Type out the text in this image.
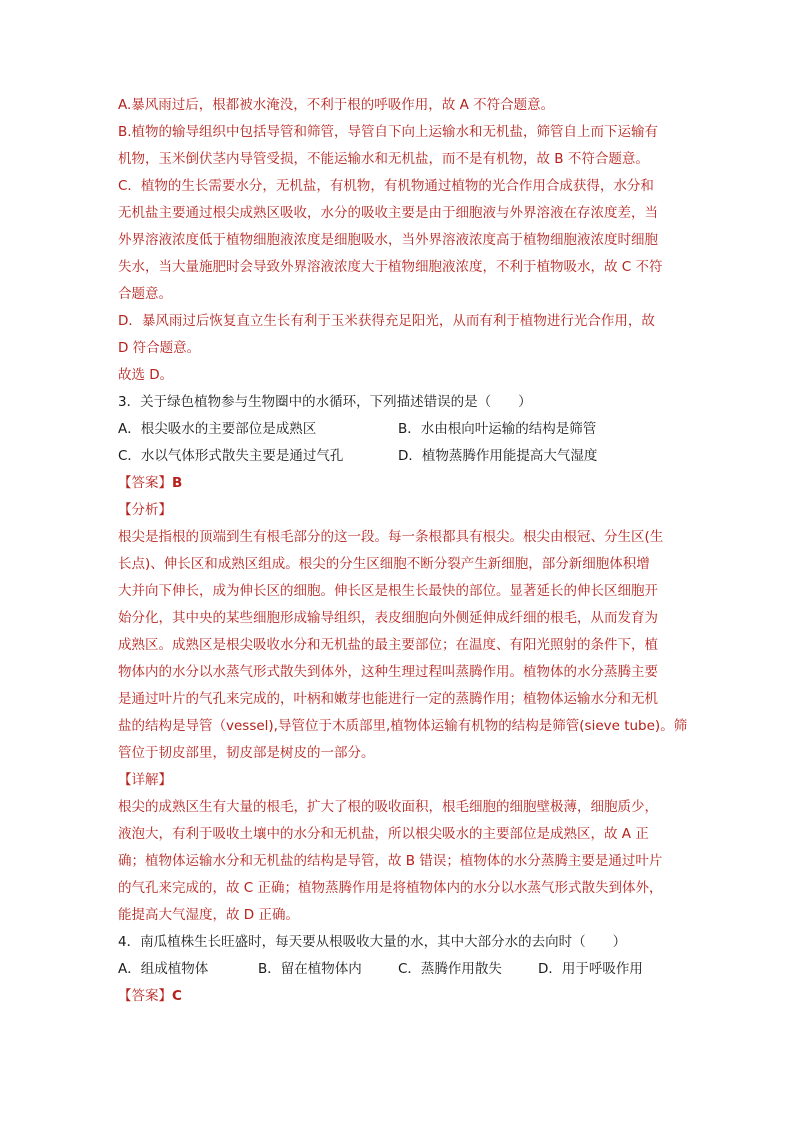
A.暴风雨过后，根都被水淹没，不利于根的呼吸作用，故 A 不符合题意。
B.植物的输导组织中包括导管和筛管，导管自下向上运输水和无机盐，筛管自上而下运输有
机物，玉米倒伏茎内导管受损，不能运输水和无机盐，而不是有机物，故 B 不符合题意。
C．植物的生长需要水分，无机盐，有机物，有机物通过植物的光合作用合成获得，水分和
无机盐主要通过根尖成熟区吸收，水分的吸收主要是由于细胞液与外界溶液在存浓度差，当
外界溶液浓度低于植物细胞液浓度是细胞吸水，当外界溶液浓度高于植物细胞液浓度时细胞
失水，当大量施肥时会导致外界溶液浓度大于植物细胞液浓度，不利于植物吸水，故 C 不符
合题意。
D．暴风雨过后恢复直立生长有利于玉米获得充足阳光，从而有利于植物进行光合作用，故
D 符合题意。
故选 D。
3．关于绿色植物参与生物圈中的水循环，下列描述错误的是（　　）
A．根尖吸水的主要部位是成熟区	B．水由根向叶运输的结构是筛管
C．水以气体形式散失主要是通过气孔	D．植物蒸腾作用能提高大气湿度
【答案】B
【分析】
根尖是指根的顶端到生有根毛部分的这一段。每一条根都具有根尖。根尖由根冠、分生区(生
长点)、伸长区和成熟区组成。根尖的分生区细胞不断分裂产生新细胞，部分新细胞体积增
大并向下伸长，成为伸长区的细胞。伸长区是根生长最快的部位。显著延长的伸长区细胞开
始分化，其中央的某些细胞形成输导组织，表皮细胞向外侧延伸成纤细的根毛，从而发育为
成熟区。成熟区是根尖吸收水分和无机盐的最主要部位；在温度、有阳光照射的条件下，植
物体内的水分以水蒸气形式散失到体外，这种生理过程叫蒸腾作用。植物体的水分蒸腾主要
是通过叶片的气孔来完成的，叶柄和嫩芽也能进行一定的蒸腾作用；植物体运输水分和无机
盐的结构是导管（vessel),导管位于木质部里,植物体运输有机物的结构是筛管(sieve tube)。筛
管位于韧皮部里，韧皮部是树皮的一部分。
【详解】
根尖的成熟区生有大量的根毛，扩大了根的吸收面积，根毛细胞的细胞壁极薄，细胞质少，
液泡大，有利于吸收土壤中的水分和无机盐，所以根尖吸水的主要部位是成熟区，故 A 正
确；植物体运输水分和无机盐的结构是导管，故 B 错误；植物体的水分蒸腾主要是通过叶片
的气孔来完成的，故 C 正确；植物蒸腾作用是将植物体内的水分以水蒸气形式散失到体外，
能提高大气湿度，故 D 正确。
4．南瓜植株生长旺盛时，每天要从根吸收大量的水，其中大部分水的去向时（　　）
A．组成植物体	B．留在植物体内	C．蒸腾作用散失	D．用于呼吸作用
【答案】C
